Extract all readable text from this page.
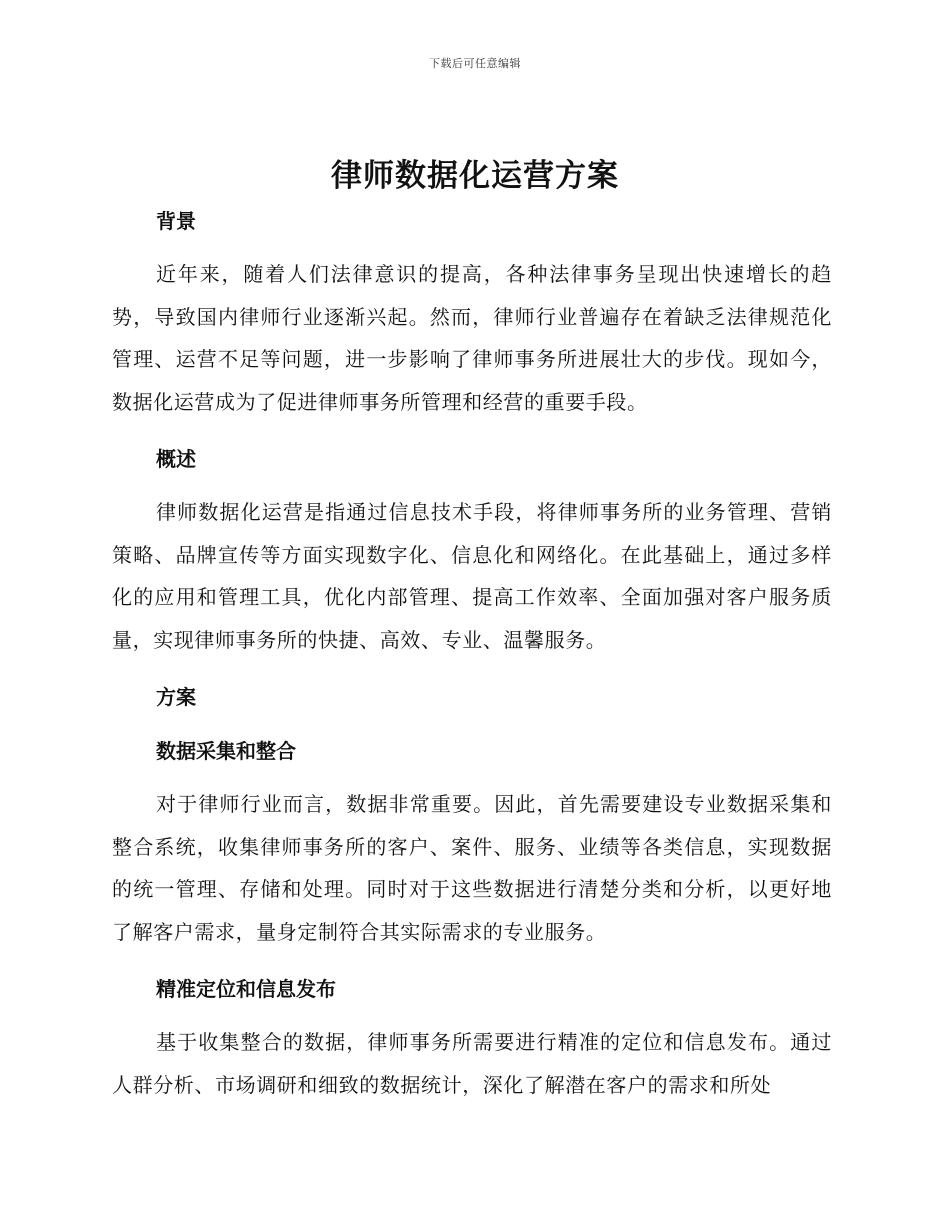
下载后可任意编辑
律师数据化运营方案
背景

近年来，随着人们法律意识的提高，各种法律事务呈现出快速增长的趋势，导致国内律师行业逐渐兴起。然而，律师行业普遍存在着缺乏法律规范化管理、运营不足等问题，进一步影响了律师事务所进展壮大的步伐。现如今，数据化运营成为了促进律师事务所管理和经营的重要手段。

概述

律师数据化运营是指通过信息技术手段，将律师事务所的业务管理、营销策略、品牌宣传等方面实现数字化、信息化和网络化。在此基础上，通过多样化的应用和管理工具，优化内部管理、提高工作效率、全面加强对客户服务质量，实现律师事务所的快捷、高效、专业、温馨服务。

方案
数据采集和整合

对于律师行业而言，数据非常重要。因此，首先需要建设专业数据采集和整合系统，收集律师事务所的客户、案件、服务、业绩等各类信息，实现数据的统一管理、存储和处理。同时对于这些数据进行清楚分类和分析，以更好地了解客户需求，量身定制符合其实际需求的专业服务。

精准定位和信息发布

基于收集整合的数据，律师事务所需要进行精准的定位和信息发布。通过人群分析、市场调研和细致的数据统计，深化了解潜在客户的需求和所处
